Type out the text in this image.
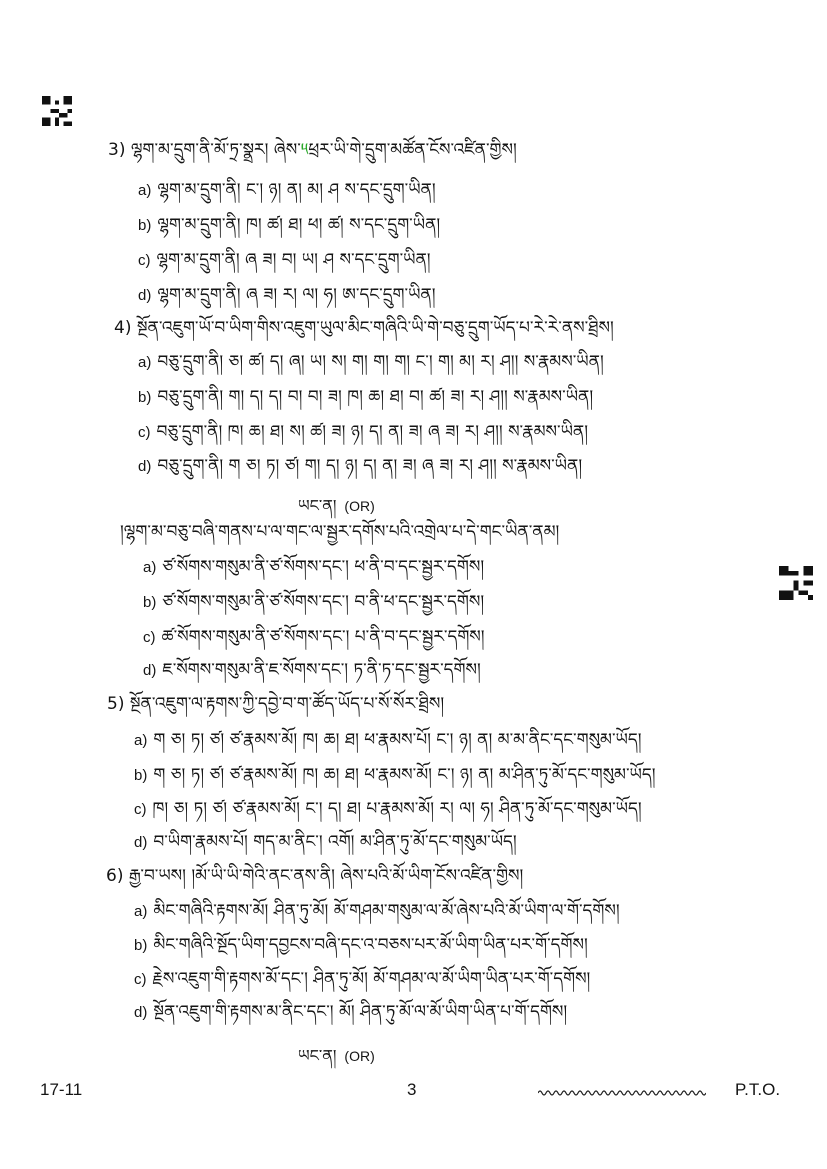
3) ལྷག་མ་དྲུག་ནི་མོ་ཏྲ་སྣྲར། ཞེས་༥ཕྲར་ཡི་གེ་དྲུག་མཚོན་ངོས་འཛིན་གྱིས།
a) ལྷག་མ་དྲུག་ནི། ང་། ཉ། ན། མ། ཤ ས་དང་དྲུག་ཡིན།
b) ལྷག་མ་དྲུག་ནི། ཁ། ཚ། ཐ། ཕ། ཚ། ས་དང་དྲུག་ཡིན།
c) ལྷག་མ་དྲུག་ནི། ཞ ཟ། བ། ཡ། ཤ ས་དང་དྲུག་ཡིན།
d) ལྷག་མ་དྲུག་ནི། ཞ ཟ། ར། ལ། ཧ། ཨ་དང་དྲུག་ཡིན།
4) སྔོན་འཇུག་ཡོ་བ་ཡིག་གིས་འཇུག་ཡུལ་མིང་གཞིའི་ཡི་གེ་བཅུ་དྲུག་ཡོད་པ་རེ་རེ་ནས་ཐྲིས།
a) བཅུ་དྲུག་ནི། ཅ། ཚ། ད། ཞ། ཡ། ས། ག། ག། ག། ང་། ག། མ། ར། ཤ།། ས་རྣམས་ཡིན།
b) བཅུ་དྲུག་ནི། ག། ད། ད། བ། བ། ཟ། ཁ། ཆ། ཐ། བ། ཚ། ཟ། ར། ཤ།། ས་རྣམས་ཡིན།
c) བཅུ་དྲུག་ནི། ཁ། ཆ། ཐ། ས། ཚ། ཟ། ཉ། ད། ན། ཟ། ཞ ཟ། ར། ཤ།། ས་རྣམས་ཡིན།
d) བཅུ་དྲུག་ནི། ག ཅ། ཏ། ཙ། ག། ད། ཉ། ད། ན། ཟ། ཞ ཟ། ར། ཤ།། ས་རྣམས་ཡིན།
ཡང་ན། (OR)
།ལྷག་མ་བཅུ་བཞི་གནས་པ་ལ་གང་ལ་སྦྱར་དགོས་པའི་འགྲེལ་པ་དེ་གང་ཡིན་ནམ།
a) ཙ་སོགས་གསུམ་ནི་ཙ་སོགས་དང་། ཕ་ནི་བ་དང་སྦྱར་དགོས།
b) ཙ་སོགས་གསུམ་ནི་ཙ་སོགས་དང་། བ་ནི་ཕ་དང་སྦྱར་དགོས།
c) ཚ་སོགས་གསུམ་ནི་ཙ་སོགས་དང་། པ་ནི་བ་དང་སྦྱར་དགོས།
d) ཇ་སོགས་གསུམ་ནི་ཇ་སོགས་དང་། ཏ་ནི་ཏ་དང་སྦྱར་དགོས།
5) སྔོན་འཇུག་ལ་རྟགས་ཀྱི་དབྱེ་བ་ག་ཚོད་ཡོད་པ་སོ་སོར་ཐྲིས།
a) ག ཅ། ཏ། ཙ། ཙ་རྣམས་མོ། ཁ། ཆ། ཐ། ཕ་རྣམས་པོ། ང་། ཉ། ན། མ་མ་ནིང་དང་གསུམ་ཡོད།
b) ག ཅ། ཏ། ཙ། ཙ་རྣམས་མོ། ཁ། ཆ། ཐ། ཕ་རྣམས་མོ། ང་། ཉ། ན། མ་ཤིན་ཏུ་མོ་དང་གསུམ་ཡོད།
c) ཁ། ཅ། ཏ། ཙ། ཙ་རྣམས་མོ། ང་། ད། ཐ། པ་རྣམས་མོ། ར། ལ། ཧ། ཤིན་ཏུ་མོ་དང་གསུམ་ཡོད།
d) བ་ཡིག་རྣམས་པོ། གད་མ་ནིང་། འགོ། མ་ཤིན་ཏུ་མོ་དང་གསུམ་ཡོད།
6) རྒྱ་བ་ཡས། །མོ་ཡི་ཡི་གེའི་ནང་ནས་ནི། ཞེས་པའི་མོ་ཡིག་ངོས་འཛིན་གྱིས།
a) མིང་གཞིའི་རྟགས་མོ། ཤིན་ཏུ་མོ། མོ་གཤམ་གསུམ་ལ་མོ་ཞེས་པའི་མོ་ཡིག་ལ་གོ་དགོས།
b) མིང་གཞིའི་སྔོད་ཡིག་དབྱངས་བཞི་དང་འ་བཅས་པར་མོ་ཡིག་ཡིན་པར་གོ་དགོས།
c) རྗེས་འཇུག་གི་རྟགས་མོ་དང་། ཤིན་ཏུ་མོ། མོ་གཤམ་ལ་མོ་ཡིག་ཡིན་པར་གོ་དགོས།
d) སྔོན་འཇུག་གི་རྟགས་མ་ནིང་དང་། མོ། ཤིན་ཏུ་མོ་ལ་མོ་ཡིག་ཡིན་པ་གོ་དགོས།
ཡང་ན། (OR)
17-11	3	P.T.O.
